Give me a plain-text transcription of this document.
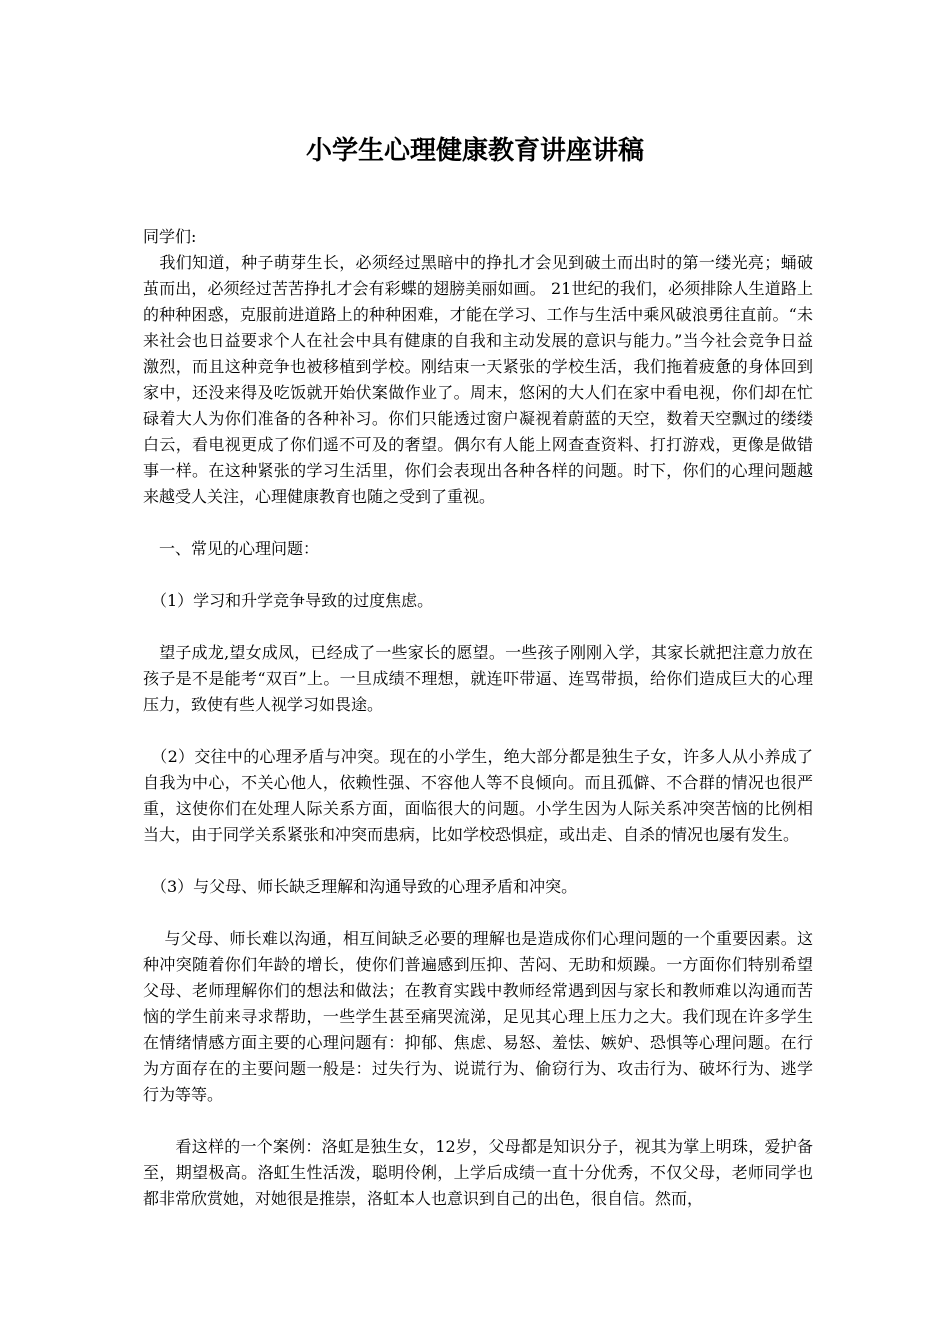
小学生心理健康教育讲座讲稿

同学们:

　我们知道，种子萌芽生长，必须经过黑暗中的挣扎才会见到破土而出时的第一缕光亮；蛹破茧而出，必须经过苦苦挣扎才会有彩蝶的翅膀美丽如画。 21世纪的我们，必须排除人生道路上的种种困惑，克服前进道路上的种种困难，才能在学习、工作与生活中乘风破浪勇往直前。“未来社会也日益要求个人在社会中具有健康的自我和主动发展的意识与能力。”当今社会竞争日益激烈，而且这种竞争也被移植到学校。刚结束一天紧张的学校生活，我们拖着疲惫的身体回到家中，还没来得及吃饭就开始伏案做作业了。周末，悠闲的大人们在家中看电视，你们却在忙碌着大人为你们准备的各种补习。你们只能透过窗户凝视着蔚蓝的天空，数着天空飘过的缕缕白云，看电视更成了你们遥不可及的奢望。偶尔有人能上网查查资料、打打游戏，更像是做错事一样。在这种紧张的学习生活里，你们会表现出各种各样的问题。时下，你们的心理问题越来越受人关注，心理健康教育也随之受到了重视。

　一、常见的心理问题：

　（1）学习和升学竞争导致的过度焦虑。

　望子成龙,望女成凤，已经成了一些家长的愿望。一些孩子刚刚入学，其家长就把注意力放在孩子是不是能考“双百”上。一旦成绩不理想，就连吓带逼、连骂带损，给你们造成巨大的心理压力，致使有些人视学习如畏途。

　（2）交往中的心理矛盾与冲突。现在的小学生，绝大部分都是独生子女，许多人从小养成了自我为中心，不关心他人，依赖性强、不容他人等不良倾向。而且孤僻、不合群的情况也很严重，这使你们在处理人际关系方面，面临很大的问题。小学生因为人际关系冲突苦恼的比例相当大，由于同学关系紧张和冲突而患病，比如学校恐惧症，或出走、自杀的情况也屡有发生。

　（3）与父母、师长缺乏理解和沟通导致的心理矛盾和冲突。

　 与父母、师长难以沟通，相互间缺乏必要的理解也是造成你们心理问题的一个重要因素。这种冲突随着你们年龄的增长，使你们普遍感到压抑、苦闷、无助和烦躁。一方面你们特别希望父母、老师理解你们的想法和做法；在教育实践中教师经常遇到因与家长和教师难以沟通而苦恼的学生前来寻求帮助，一些学生甚至痛哭流涕，足见其心理上压力之大。我们现在许多学生在情绪情感方面主要的心理问题有：抑郁、焦虑、易怒、羞怯、嫉妒、恐惧等心理问题。在行为方面存在的主要问题一般是：过失行为、说谎行为、偷窃行为、攻击行为、破坏行为、逃学行为等等。

　　看这样的一个案例：洛虹是独生女，12岁，父母都是知识分子，视其为掌上明珠，爱护备至，期望极高。洛虹生性活泼，聪明伶俐，上学后成绩一直十分优秀，不仅父母，老师同学也都非常欣赏她，对她很是推崇，洛虹本人也意识到自己的出色，很自信。然而，
